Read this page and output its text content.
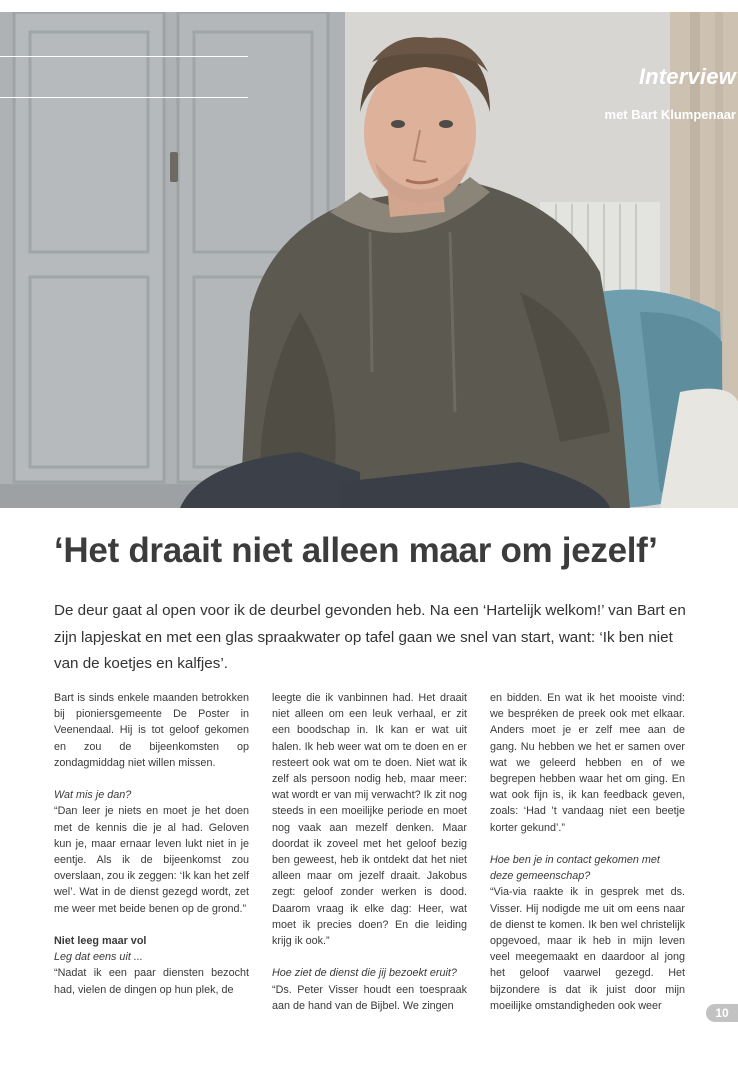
Interview
met Bart Klumpenaar
‘Het draait niet alleen maar om jezelf’

De deur gaat al open voor ik de deurbel gevonden heb. Na een ‘Hartelijk welkom!’ van Bart en zijn lapjeskat en met een glas spraakwater op tafel gaan we snel van start, want: ‘Ik ben niet van de koetjes en kalfjes’.

Bart is sinds enkele maanden betrokken bij pioniersgemeente De Poster in Veenendaal. Hij is tot geloof gekomen en zou de bijeenkomsten op zondagmiddag niet willen missen.

Wat mis je dan?

“Dan leer je niets en moet je het doen met de kennis die je al had. Geloven kun je, maar ernaar leven lukt niet in je eentje. Als ik de bijeenkomst zou overslaan, zou ik zeggen: ‘Ik kan het zelf wel’. Wat in de dienst gezegd wordt, zet me weer met beide benen op de grond.”

Niet leeg maar vol
Leg dat eens uit ...

“Nadat ik een paar diensten bezocht had, vielen de dingen op hun plek, de

leegte die ik vanbinnen had. Het draait niet alleen om een leuk verhaal, er zit een boodschap in. Ik kan er wat uit halen. Ik heb weer wat om te doen en er resteert ook wat om te doen. Niet wat ik zelf als persoon nodig heb, maar meer: wat wordt er van mij verwacht? Ik zit nog steeds in een moeilijke periode en moet nog vaak aan mezelf denken. Maar doordat ik zoveel met het geloof bezig ben geweest, heb ik ontdekt dat het niet alleen maar om jezelf draait. Jakobus zegt: geloof zonder werken is dood. Daarom vraag ik elke dag: Heer, wat moet ik precies doen? En die leiding krijg ik ook.”

Hoe ziet de dienst die jij bezoekt eruit?

“Ds. Peter Visser houdt een toespraak aan de hand van de Bijbel. We zingen

en bidden. En wat ik het mooiste vind: we bespréken de preek ook met elkaar. Anders moet je er zelf mee aan de gang. Nu hebben we het er samen over wat we geleerd hebben en of we begrepen hebben waar het om ging. En wat ook fijn is, ik kan feedback geven, zoals: ‘Had ’t vandaag niet een beetje korter gekund’.”

Hoe ben je in contact gekomen met deze gemeenschap?

“Via-via raakte ik in gesprek met ds. Visser. Hij nodigde me uit om eens naar de dienst te komen. Ik ben wel christelijk opgevoed, maar ik heb in mijn leven veel meegemaakt en daardoor al jong het geloof vaarwel gezegd. Het bijzondere is dat ik juist door mijn moeilijke omstandigheden ook weer

10
